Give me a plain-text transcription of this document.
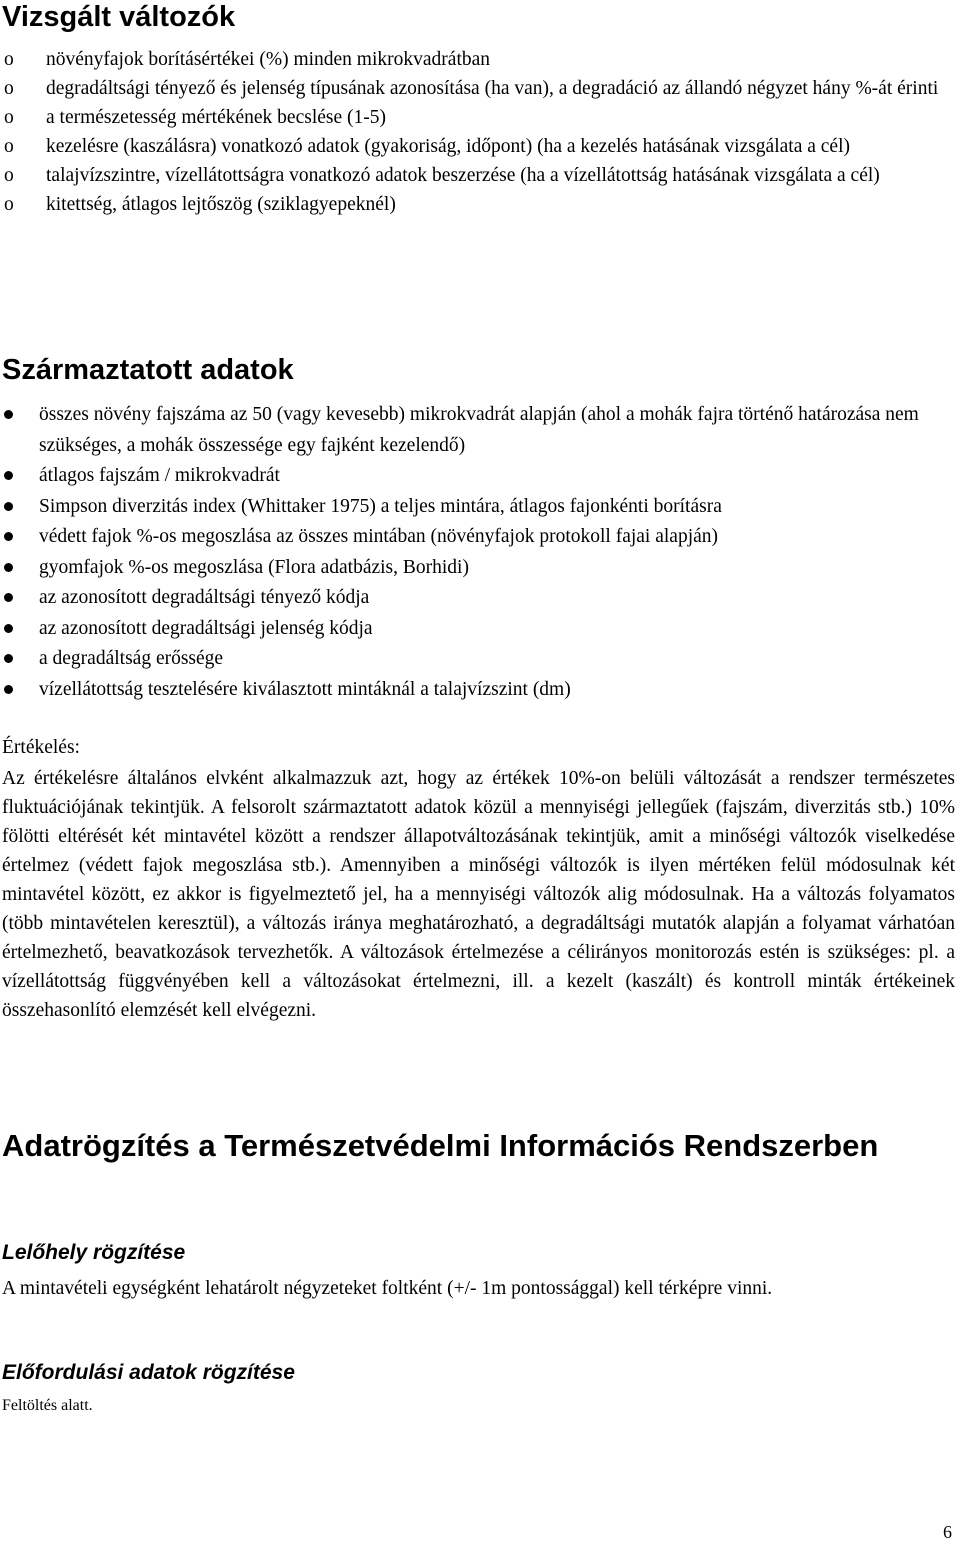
Vizsgált változók
o növényfajok borításértékei (%) minden mikrokvadrátban
o degradáltsági tényező és jelenség típusának azonosítása (ha van), a degradáció az állandó négyzet hány %-át érinti
o a természetesség mértékének becslése (1-5)
o kezelésre (kaszálásra) vonatkozó adatok (gyakoriság, időpont) (ha a kezelés hatásának vizsgálata a cél)
o talajvízszintre, vízellátottságra vonatkozó adatok beszerzése (ha a vízellátottság hatásának vizsgálata a cél)
o kitettség, átlagos lejtőszög (sziklagyepeknél)
Származtatott adatok
összes növény fajszáma az 50 (vagy kevesebb) mikrokvadrát alapján (ahol a mohák fajra történő határozása nem szükséges, a mohák összessége egy fajként kezelendő)
átlagos fajszám / mikrokvadrát
Simpson diverzitás index (Whittaker 1975) a teljes mintára, átlagos fajonkénti borításra
védett fajok %-os megoszlása az összes mintában (növényfajok protokoll fajai alapján)
gyomfajok %-os megoszlása (Flora adatbázis, Borhidi)
az azonosított degradáltsági tényező kódja
az azonosított degradáltsági jelenség kódja
a degradáltság erőssége
vízellátottság tesztelésére kiválasztott mintáknál a talajvízszint (dm)

Értékelés:

Az értékelésre általános elvként alkalmazzuk azt, hogy az értékek 10%-on belüli változását a rendszer természetes fluktuációjának tekintjük. A felsorolt származtatott adatok közül a mennyiségi jellegűek (fajszám, diverzitás stb.) 10% fölötti eltérését két mintavétel között a rendszer állapotváltozásának tekintjük, amit a minőségi változók viselkedése értelmez (védett fajok megoszlása stb.). Amennyiben a minőségi változók is ilyen mértéken felül módosulnak két mintavétel között, ez akkor is figyelmeztető jel, ha a mennyiségi változók alig módosulnak. Ha a változás folyamatos (több mintavételen keresztül), a változás iránya meghatározható, a degradáltsági mutatók alapján a folyamat várhatóan értelmezhető, beavatkozások tervezhetők. A változások értelmezése a célirányos monitorozás estén is szükséges: pl. a vízellátottság függvényében kell a változásokat értelmezni, ill. a kezelt (kaszált) és kontroll minták értékeinek összehasonlító elemzését kell elvégezni.

Adatrögzítés a Természetvédelmi Információs Rendszerben
Lelőhely rögzítése

A mintavételi egységként lehatárolt négyzeteket foltként (+/- 1m pontossággal) kell térképre vinni.

Előfordulási adatok rögzítése

Feltöltés alatt.

6
